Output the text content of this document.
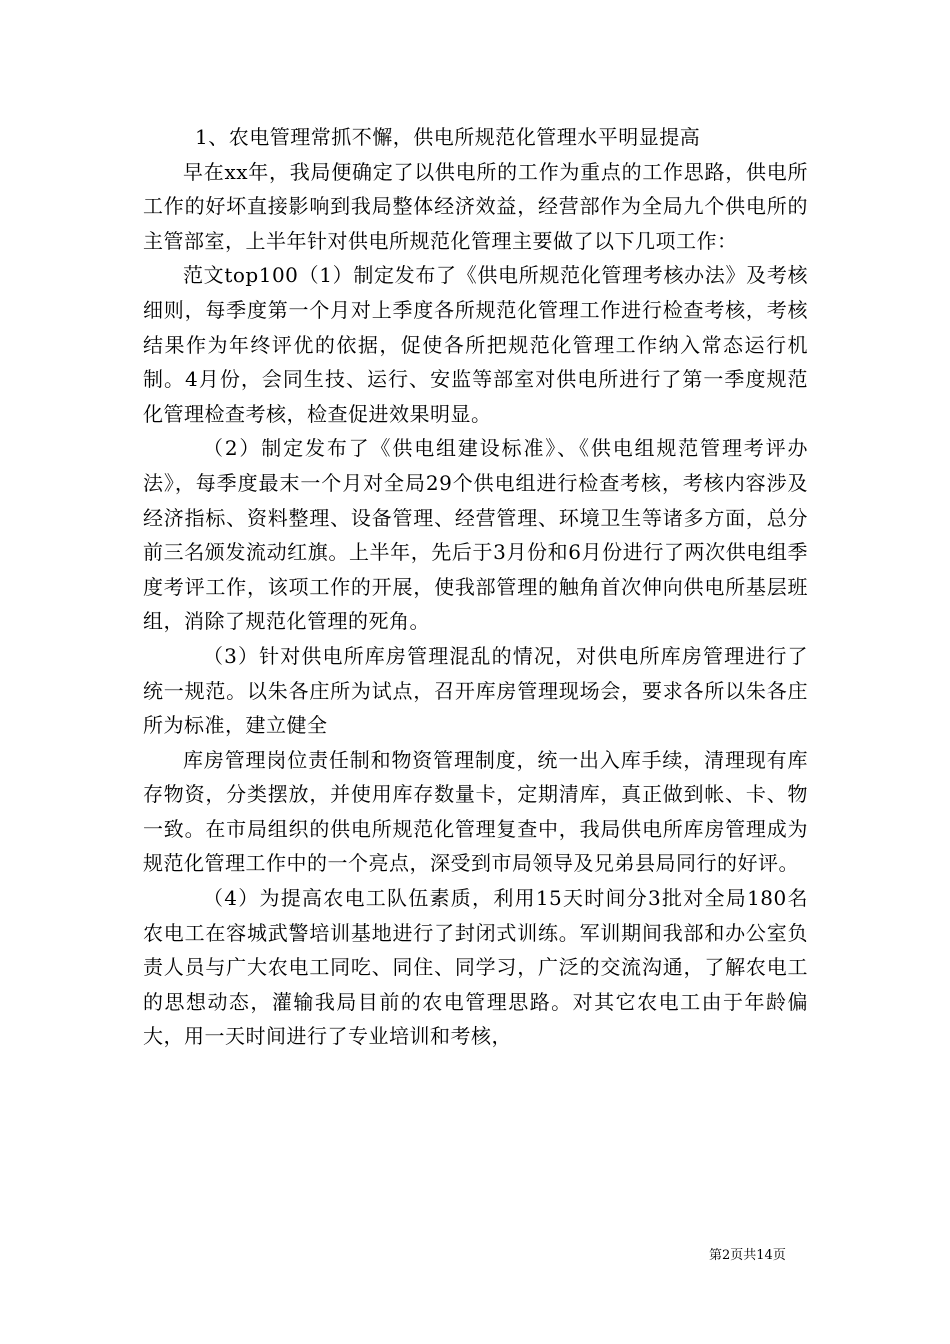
1、农电管理常抓不懈，供电所规范化管理水平明显提高

早在xx年，我局便确定了以供电所的工作为重点的工作思路，供电所工作的好坏直接影响到我局整体经济效益，经营部作为全局九个供电所的主管部室，上半年针对供电所规范化管理主要做了以下几项工作：

范文top100（1）制定发布了《供电所规范化管理考核办法》及考核细则，每季度第一个月对上季度各所规范化管理工作进行检查考核，考核结果作为年终评优的依据，促使各所把规范化管理工作纳入常态运行机制。4月份，会同生技、运行、安监等部室对供电所进行了第一季度规范化管理检查考核，检查促进效果明显。

（2）制定发布了《供电组建设标准》、《供电组规范管理考评办法》，每季度最末一个月对全局29个供电组进行检查考核，考核内容涉及经济指标、资料整理、设备管理、经营管理、环境卫生等诸多方面，总分前三名颁发流动红旗。上半年，先后于3月份和6月份进行了两次供电组季度考评工作，该项工作的开展，使我部管理的触角首次伸向供电所基层班组，消除了规范化管理的死角。

（3）针对供电所库房管理混乱的情况，对供电所库房管理进行了统一规范。以朱各庄所为试点，召开库房管理现场会，要求各所以朱各庄所为标准，建立健全

库房管理岗位责任制和物资管理制度，统一出入库手续，清理现有库存物资，分类摆放，并使用库存数量卡，定期清库，真正做到帐、卡、物一致。在市局组织的供电所规范化管理复查中，我局供电所库房管理成为规范化管理工作中的一个亮点，深受到市局领导及兄弟县局同行的好评。

（4）为提高农电工队伍素质，利用15天时间分3批对全局180名农电工在容城武警培训基地进行了封闭式训练。军训期间我部和办公室负责人员与广大农电工同吃、同住、同学习，广泛的交流沟通，了解农电工的思想动态，灌输我局目前的农电管理思路。对其它农电工由于年龄偏大，用一天时间进行了专业培训和考核，

第2页共14页
